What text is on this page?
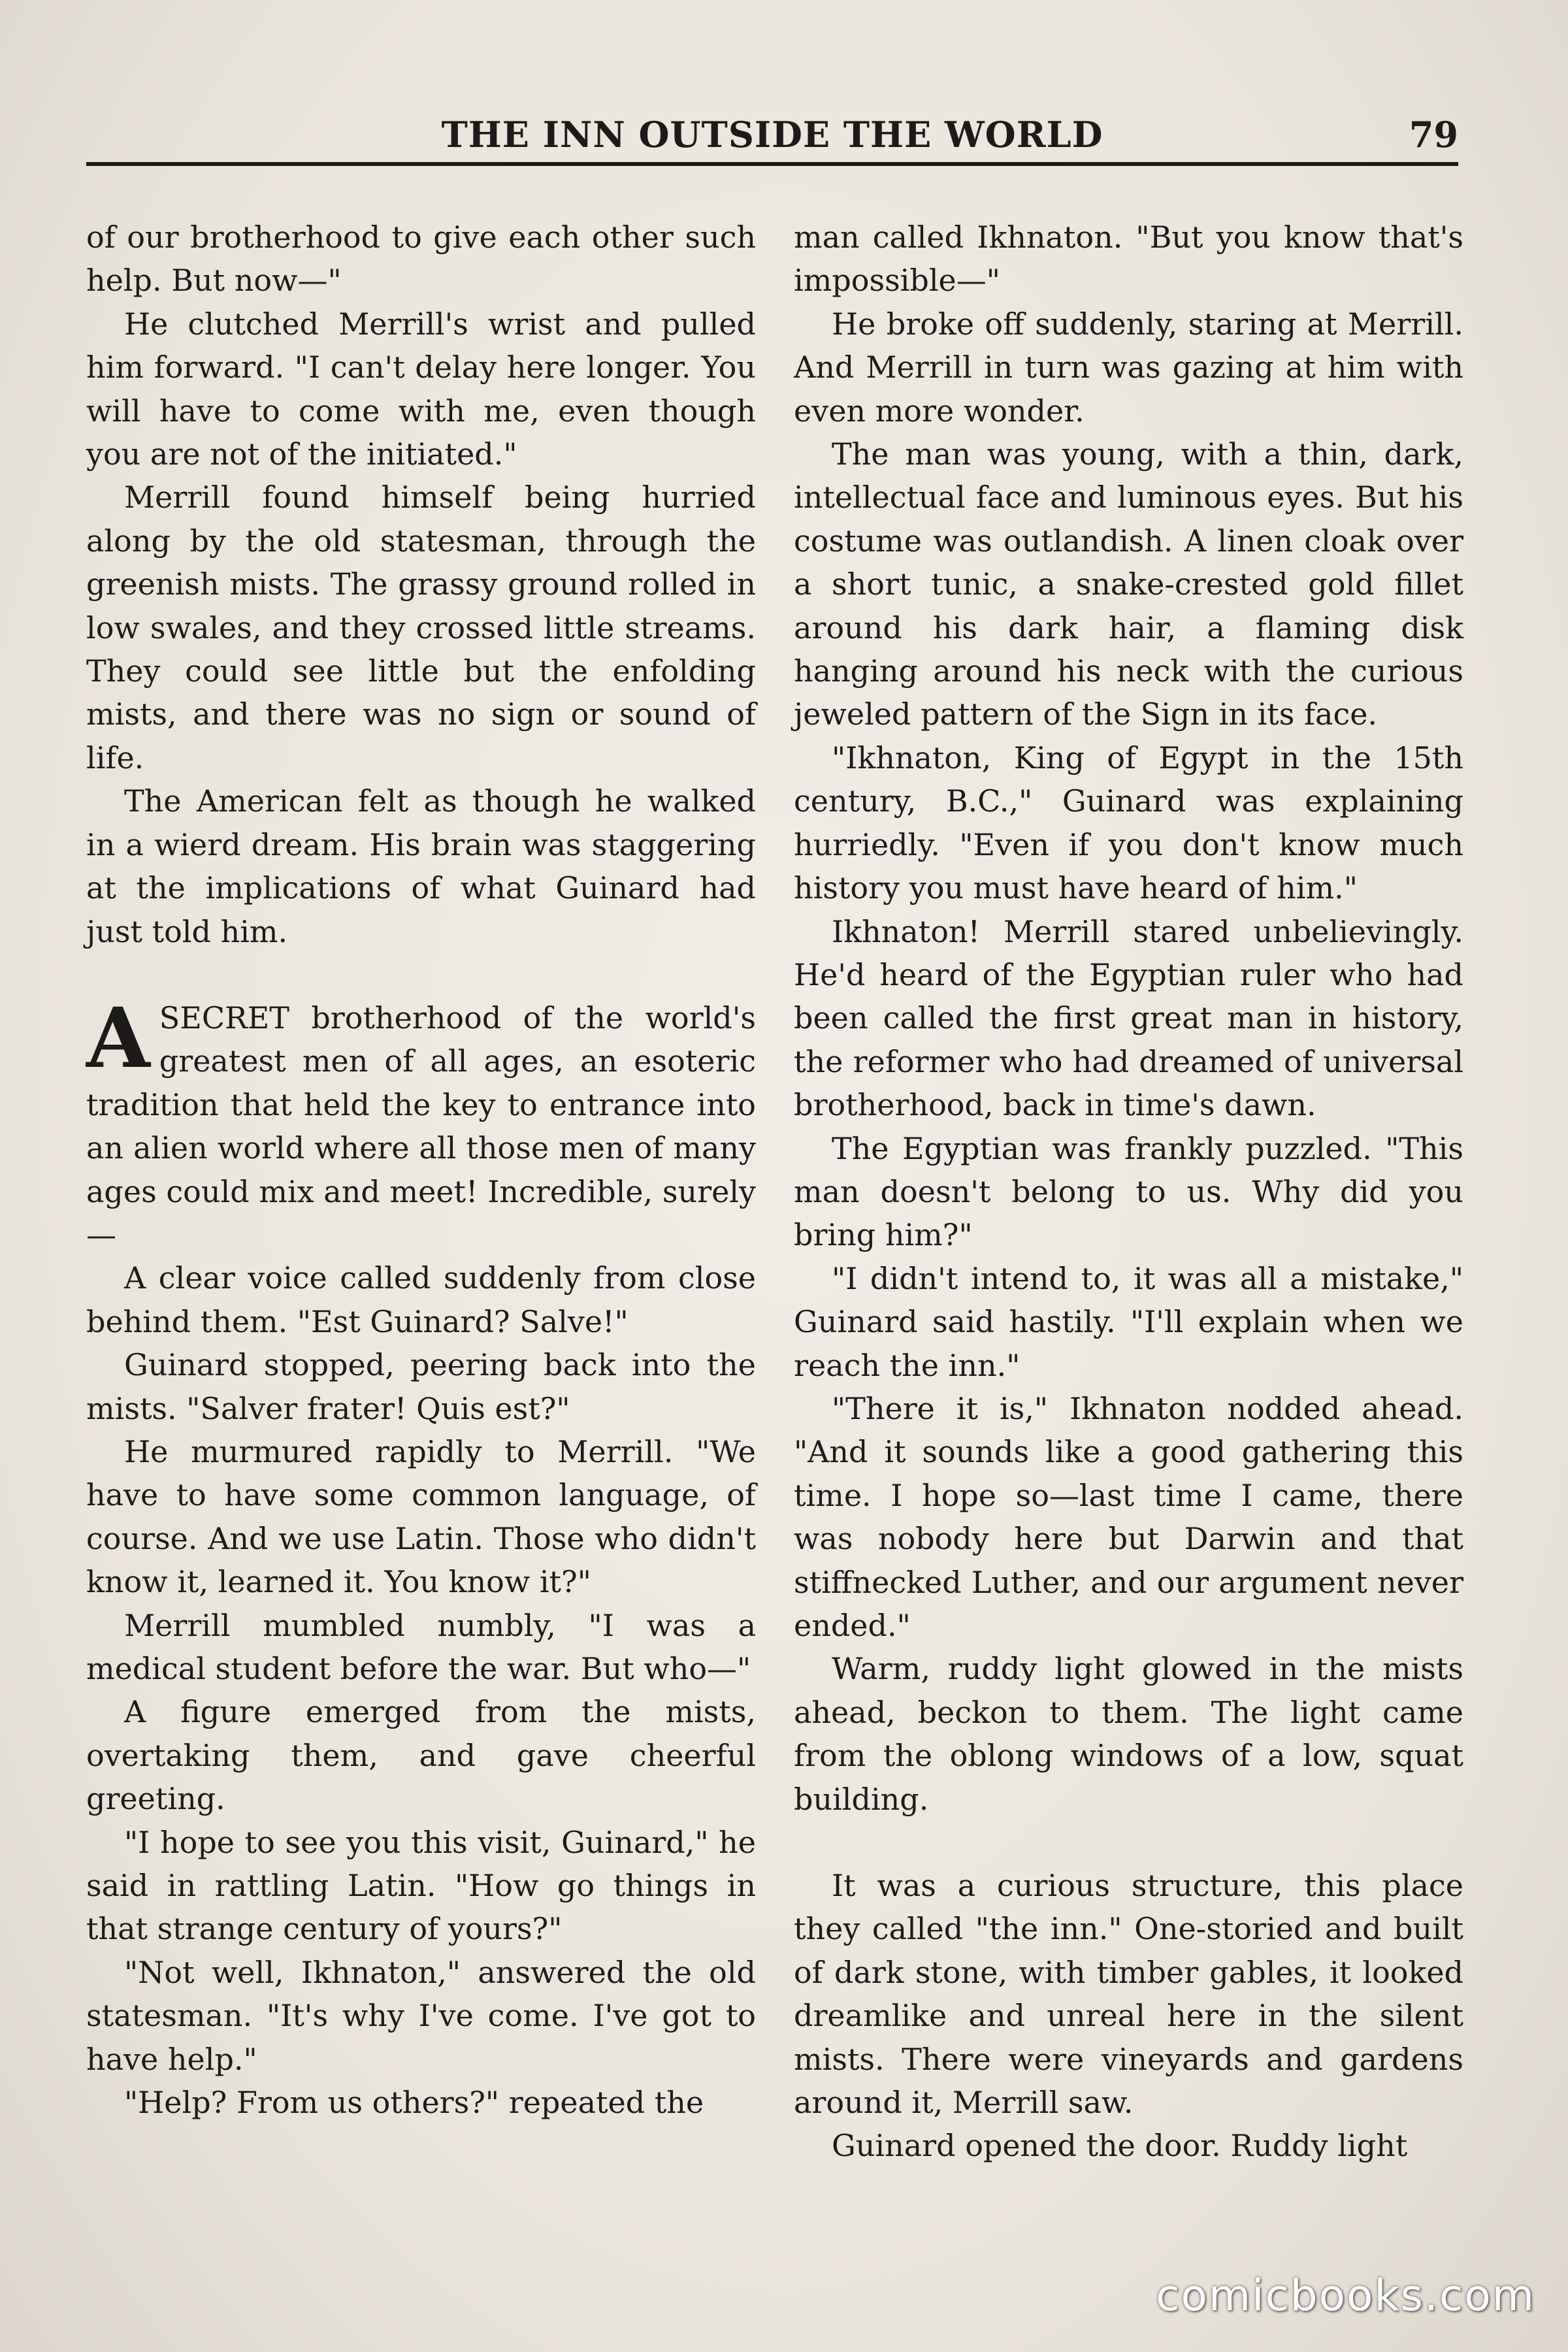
THE INN OUTSIDE THE WORLD	79

of our brotherhood to give each other such help. But now—"

He clutched Merrill's wrist and pulled him forward. "I can't delay here longer. You will have to come with me, even though you are not of the initiated."

Merrill found himself being hurried along by the old statesman, through the greenish mists. The grassy ground rolled in low swales, and they crossed little streams. They could see little but the enfolding mists, and there was no sign or sound of life.

The American felt as though he walked in a wierd dream. His brain was staggering at the implications of what Guinard had just told him.

ASECRET brotherhood of the world's greatest men of all ages, an esoteric tradition that held the key to entrance into an alien world where all those men of many ages could mix and meet! Incredible, surely—

A clear voice called suddenly from close behind them. "Est Guinard? Salve!"

Guinard stopped, peering back into the mists. "Salver frater! Quis est?"

He murmured rapidly to Merrill. "We have to have some common language, of course. And we use Latin. Those who didn't know it, learned it. You know it?"

Merrill mumbled numbly, "I was a medical student before the war. But who—"

A figure emerged from the mists, overtaking them, and gave cheerful greeting.

"I hope to see you this visit, Guinard," he said in rattling Latin. "How go things in that strange century of yours?"

"Not well, Ikhnaton," answered the old statesman. "It's why I've come. I've got to have help."

"Help? From us others?" repeated the

man called Ikhnaton. "But you know that's impossible—"

He broke off suddenly, staring at Merrill. And Merrill in turn was gazing at him with even more wonder.

The man was young, with a thin, dark, intellectual face and luminous eyes. But his costume was outlandish. A linen cloak over a short tunic, a snake-crested gold fillet around his dark hair, a flaming disk hanging around his neck with the curious jeweled pattern of the Sign in its face.

"Ikhnaton, King of Egypt in the 15th century, B.C.," Guinard was explaining hurriedly. "Even if you don't know much history you must have heard of him."

Ikhnaton! Merrill stared unbelievingly. He'd heard of the Egyptian ruler who had been called the first great man in history, the reformer who had dreamed of universal brotherhood, back in time's dawn.

The Egyptian was frankly puzzled. "This man doesn't belong to us. Why did you bring him?"

"I didn't intend to, it was all a mistake," Guinard said hastily. "I'll explain when we reach the inn."

"There it is," Ikhnaton nodded ahead. "And it sounds like a good gathering this time. I hope so—last time I came, there was nobody here but Darwin and that stiffnecked Luther, and our argument never ended."

Warm, ruddy light glowed in the mists ahead, beckon to them. The light came from the oblong windows of a low, squat building.

It was a curious structure, this place they called "the inn." One-storied and built of dark stone, with timber gables, it looked dreamlike and unreal here in the silent mists. There were vineyards and gardens around it, Merrill saw.

Guinard opened the door. Ruddy light

comicbooks.com
